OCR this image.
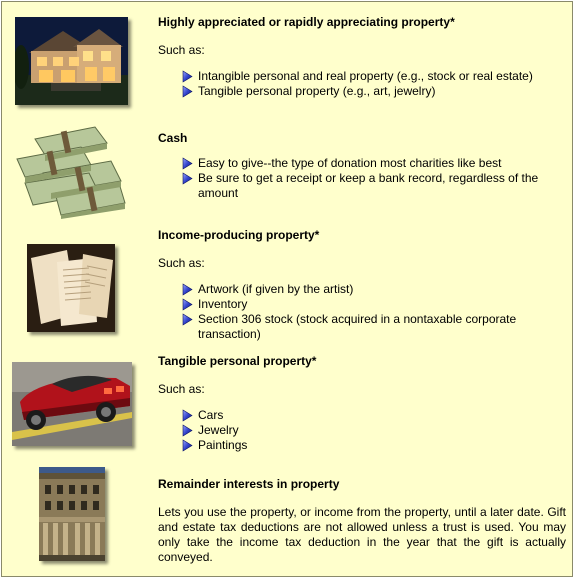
Highly appreciated or rapidly appreciating property*

Such as:

Intangible personal and real property (e.g., stock or real estate)
Tangible personal property (e.g., art, jewelry)
Cash
Easy to give--the type of donation most charities like best
Be sure to get a receipt or keep a bank record, regardless of the amount
Income-producing property*

Such as:

Artwork (if given by the artist)
Inventory
Section 306 stock (stock acquired in a nontaxable corporate transaction)
Tangible personal property*

Such as:

Cars
Jewelry
Paintings
Remainder interests in property

Lets you use the property, or income from the property, until a later date. Gift and estate tax deductions are not allowed unless a trust is used. You may only take the income tax deduction in the year that the gift is actually conveyed.
